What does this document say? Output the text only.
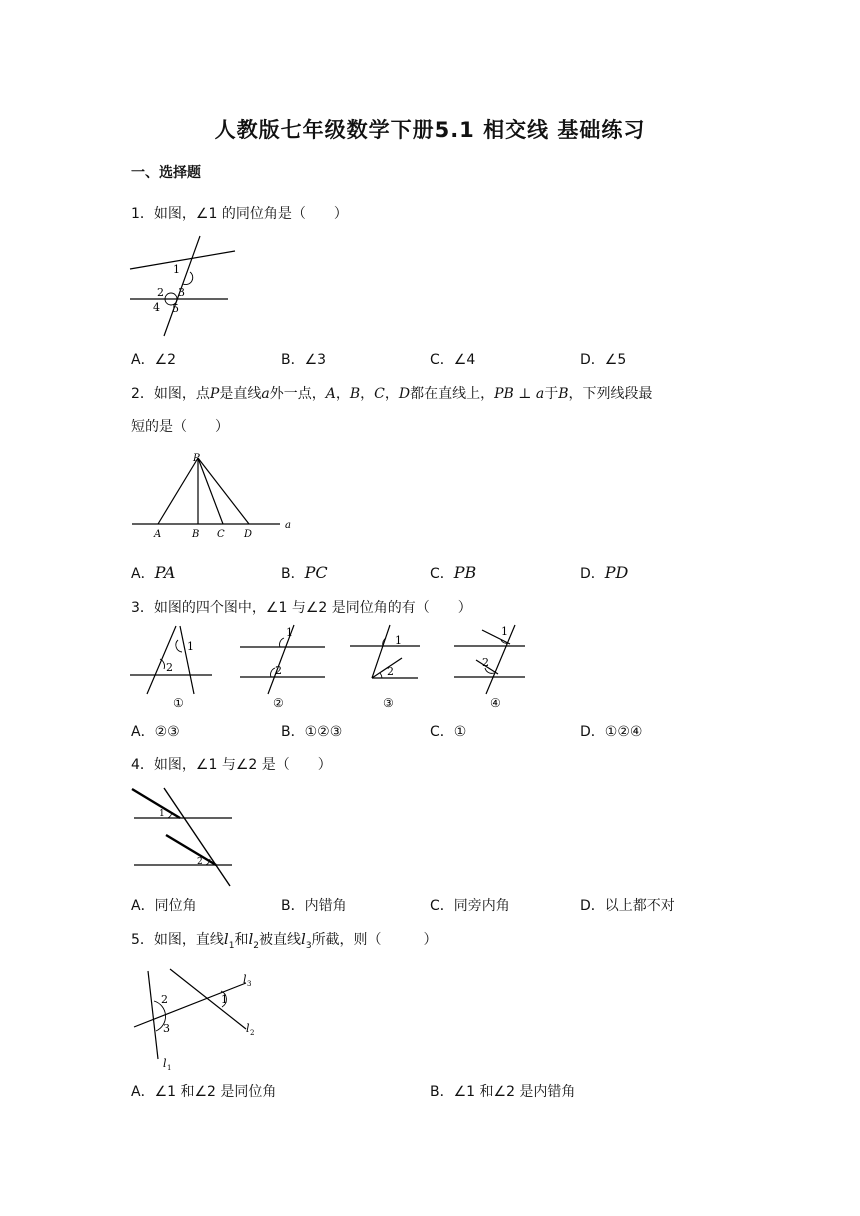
人教版七年级数学下册5.1 相交线 基础练习
一、选择题
1．如图，∠1 的同位角是（　　）
1
2 3
4 5
A．∠2	B．∠3	C．∠4	D．∠5
2．如图，点P是直线a外一点，A，B，C，D都在直线上，PB ⊥ a于B，下列线段最
短的是（　　）
P
A	B C D
a
A．PA	B．PC	C．PB	D．PD
3．如图的四个图中，∠1 与∠2 是同位角的有（　　）
1
2
①
1
2
②
1
2
③
1
2
④
A．②③	B．①②③	C．①	D．①②④
4．如图，∠1 与∠2 是（　　）
1
2
A．同位角	B．内错角	C．同旁内角	D．以上都不对
5．如图，直线$l_1$和$l_2$被直线$l_3$所截，则（　　　）
2	1
3
l 3
l 2
l 1
A．∠1 和∠2 是同位角	B．∠1 和∠2 是内错角
